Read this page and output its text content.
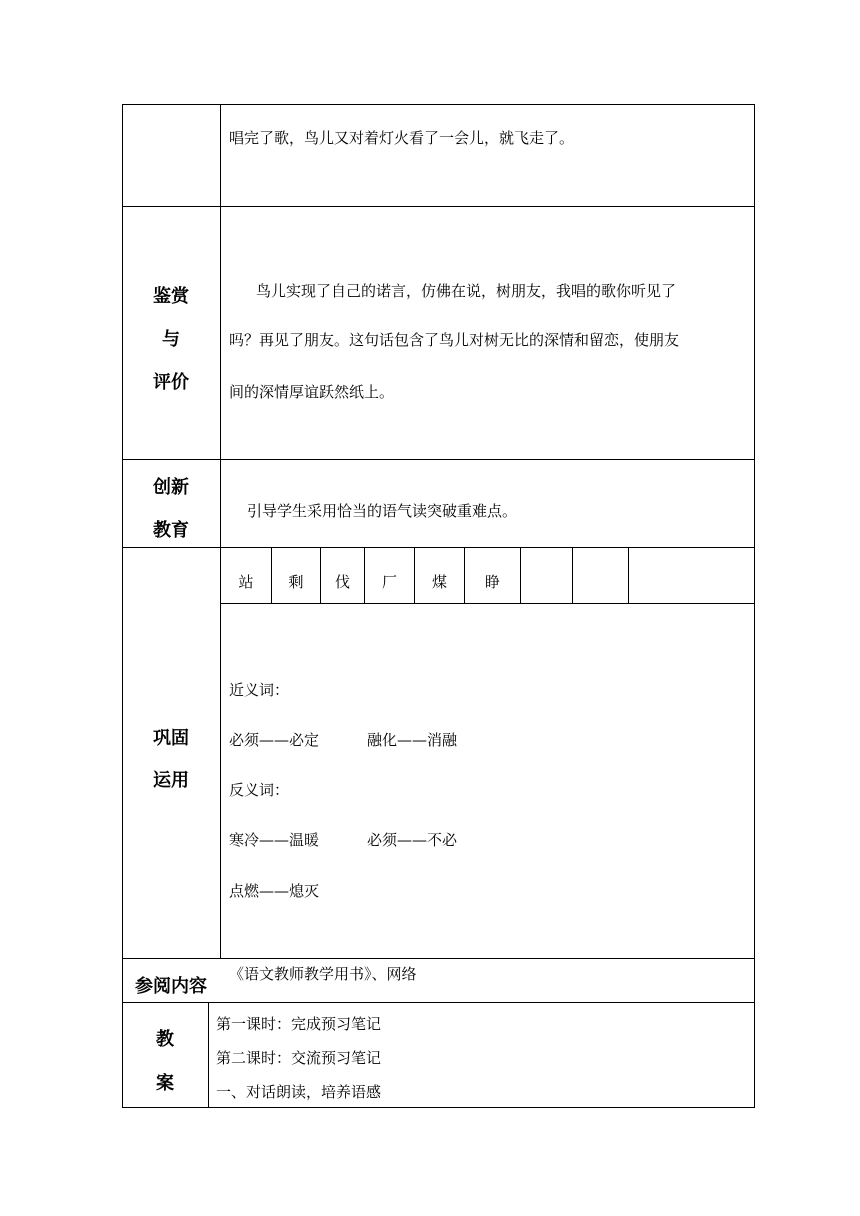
唱完了歌，鸟儿又对着灯火看了一会儿，就飞走了。
鉴赏
与
评价
鸟儿实现了自己的诺言，仿佛在说，树朋友，我唱的歌你听见了
吗？再见了朋友。这句话包含了鸟儿对树无比的深情和留恋，使朋友
间的深情厚谊跃然纸上。
创新
教育
引导学生采用恰当的语气读突破重难点。
巩固
运用
站	剩	伐	厂	煤	睁
近义词：
必须——必定	融化——消融
反义词：
寒冷——温暖	必须——不必
点燃——熄灭
参阅内容
《语文教师教学用书》、网络
教
案
第一课时：完成预习笔记
第二课时：交流预习笔记
一、对话朗读，培养语感
